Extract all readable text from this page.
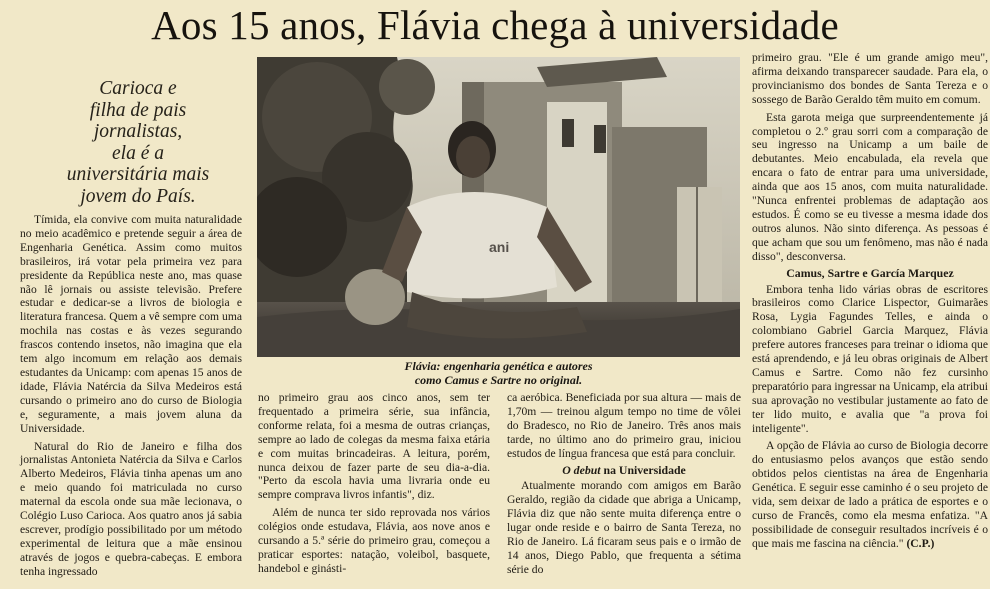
Aos 15 anos, Flávia chega à universidade
Carioca e
filha de pais
jornalistas,
ela é a
universitária mais
jovem do País.

Tímida, ela convive com muita naturalidade no meio acadêmico e pretende seguir a área de Engenharia Genética. Assim como muitos brasileiros, irá votar pela primeira vez para presidente da República neste ano, mas quase não lê jornais ou assiste televisão. Prefere estudar e dedicar-se a livros de biologia e literatura francesa. Quem a vê sempre com uma mochila nas costas e às vezes segurando frascos contendo insetos, não imagina que ela tem algo incomum em relação aos demais estudantes da Unicamp: com apenas 15 anos de idade, Flávia Natércia da Silva Medeiros está cursando o primeiro ano do curso de Biologia e, seguramente, a mais jovem aluna da Universidade.

Natural do Rio de Janeiro e filha dos jornalistas Antonieta Natércia da Silva e Carlos Alberto Medeiros, Flávia tinha apenas um ano e meio quando foi matriculada no curso maternal da escola onde sua mãe lecionava, o Colégio Luso Carioca. Aos quatro anos já sabia escrever, prodígio possibilitado por um método experimental de leitura que a mãe ensinou através de jogos e quebra-cabeças. E embora tenha ingressado

ani
Flávia: engenharia genética e autores
como Camus e Sartre no original.

no primeiro grau aos cinco anos, sem ter frequentado a primeira série, sua infância, conforme relata, foi a mesma de outras crianças, sempre ao lado de colegas da mesma faixa etária e com muitas brincadeiras. A leitura, porém, nunca deixou de fazer parte de seu dia-a-dia. "Perto da escola havia uma livraria onde eu sempre comprava livros infantis", diz.

Além de nunca ter sido reprovada nos vários colégios onde estudava, Flávia, aos nove anos e cursando a 5.ª série do primeiro grau, começou a praticar esportes: natação, voleibol, basquete, handebol e ginásti-

ca aeróbica. Beneficiada por sua altura — mais de 1,70m — treinou algum tempo no time de vôlei do Bradesco, no Rio de Janeiro. Três anos mais tarde, no último ano do primeiro grau, iniciou estudos de língua francesa que está para concluir.

O debut na Universidade

Atualmente morando com amigos em Barão Geraldo, região da cidade que abriga a Unicamp, Flávia diz que não sente muita diferença entre o lugar onde reside e o bairro de Santa Tereza, no Rio de Janeiro. Lá ficaram seus pais e o irmão de 14 anos, Diego Pablo, que frequenta a sétima série do

primeiro grau. "Ele é um grande amigo meu", afirma deixando transparecer saudade. Para ela, o provincianismo dos bondes de Santa Tereza e o sossego de Barão Geraldo têm muito em comum.

Esta garota meiga que surpreendentemente já completou o 2.º grau sorri com a comparação de seu ingresso na Unicamp a um baile de debutantes. Meio encabulada, ela revela que encara o fato de entrar para uma universidade, ainda que aos 15 anos, com muita naturalidade. "Nunca enfrentei problemas de adaptação aos estudos. É como se eu tivesse a mesma idade dos outros alunos. Não sinto diferença. As pessoas é que acham que sou um fenômeno, mas não é nada disso", desconversa.

Camus, Sartre e García Marquez

Embora tenha lido várias obras de escritores brasileiros como Clarice Lispector, Guimarães Rosa, Lygia Fagundes Telles, e ainda o colombiano Gabriel Garcia Marquez, Flávia prefere autores franceses para treinar o idioma que está aprendendo, e já leu obras originais de Albert Camus e Sartre. Como não fez cursinho preparatório para ingressar na Unicamp, ela atribui sua aprovação no vestibular justamente ao fato de ter lido muito, e avalia que "a prova foi inteligente".

A opção de Flávia ao curso de Biologia decorre do entusiasmo pelos avanços que estão sendo obtidos pelos cientistas na área de Engenharia Genética. E seguir esse caminho é o seu projeto de vida, sem deixar de lado a prática de esportes e o curso de Francês, como ela mesma enfatiza. "A possibilidade de conseguir resultados incríveis é o que mais me fascina na ciência." (C.P.)
